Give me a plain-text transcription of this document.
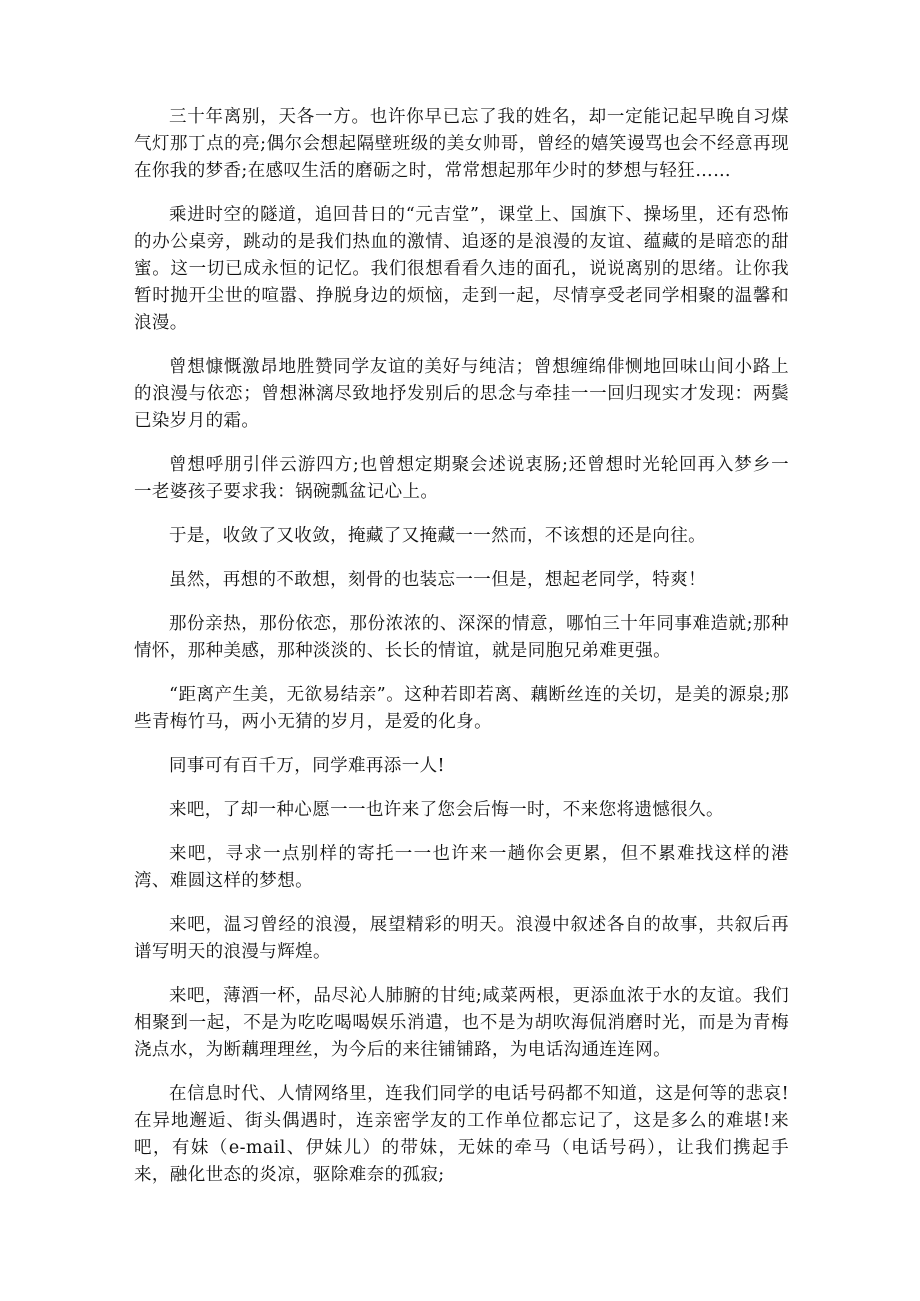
三十年离别，天各一方。也许你早已忘了我的姓名，却一定能记起早晚自习煤气灯那丁点的亮;偶尔会想起隔壁班级的美女帅哥，曾经的嬉笑谩骂也会不经意再现在你我的梦香;在感叹生活的磨砺之时，常常想起那年少时的梦想与轻狂……

乘进时空的隧道，追回昔日的“元吉堂”，课堂上、国旗下、操场里，还有恐怖的办公桌旁，跳动的是我们热血的激情、追逐的是浪漫的友谊、蕴藏的是暗恋的甜蜜。这一切已成永恒的记忆。我们很想看看久违的面孔，说说离别的思绪。让你我暂时抛开尘世的喧嚣、挣脱身边的烦恼，走到一起，尽情享受老同学相聚的温馨和浪漫。

曾想慷慨激昂地胜赞同学友谊的美好与纯洁；曾想缠绵俳恻地回味山间小路上的浪漫与依恋；曾想淋漓尽致地抒发别后的思念与牵挂一一回归现实才发现：两鬓已染岁月的霜。

曾想呼朋引伴云游四方;也曾想定期聚会述说衷肠;还曾想时光轮回再入梦乡一一老婆孩子要求我：锅碗瓢盆记心上。

于是，收敛了又收敛，掩藏了又掩藏一一然而，不该想的还是向往。

虽然，再想的不敢想，刻骨的也装忘一一但是，想起老同学，特爽！

那份亲热，那份依恋，那份浓浓的、深深的情意，哪怕三十年同事难造就;那种情怀，那种美感，那种淡淡的、长长的情谊，就是同胞兄弟难更强。

“距离产生美，无欲易结亲”。这种若即若离、藕断丝连的关切，是美的源泉;那些青梅竹马，两小无猜的岁月，是爱的化身。

同事可有百千万，同学难再添一人!

来吧，了却一种心愿一一也许来了您会后悔一时，不来您将遗憾很久。

来吧，寻求一点别样的寄托一一也许来一趟你会更累，但不累难找这样的港湾、难圆这样的梦想。

来吧，温习曾经的浪漫，展望精彩的明天。浪漫中叙述各自的故事，共叙后再谱写明天的浪漫与辉煌。

来吧，薄酒一杯，品尽沁人肺腑的甘纯;咸菜两根，更添血浓于水的友谊。我们相聚到一起，不是为吃吃喝喝娱乐消遣，也不是为胡吹海侃消磨时光，而是为青梅浇点水，为断藕理理丝，为今后的来往铺铺路，为电话沟通连连网。

在信息时代、人情网络里，连我们同学的电话号码都不知道，这是何等的悲哀!在异地邂逅、街头偶遇时，连亲密学友的工作单位都忘记了，这是多么的难堪!来吧，有妹（e-mail、伊妹儿）的带妹，无妹的牵马（电话号码），让我们携起手来，融化世态的炎凉，驱除难奈的孤寂;
